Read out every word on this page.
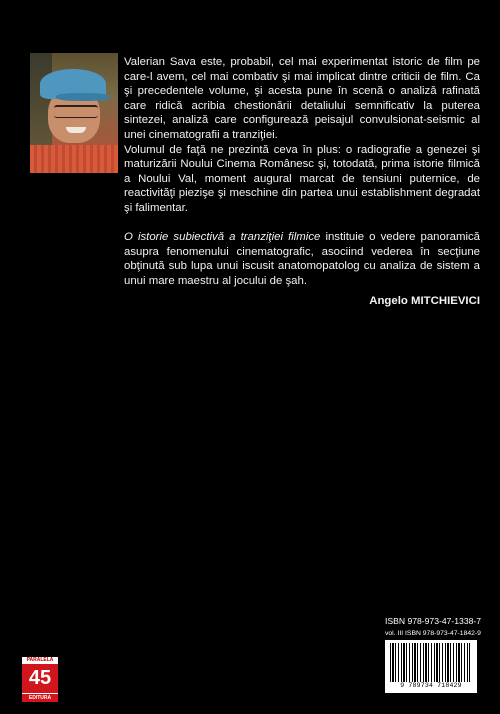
Valerian Sava este, probabil, cel mai experimentat istoric de film pe care-l avem, cel mai combativ şi mai implicat dintre criticii de film. Ca şi precedentele volume, şi acesta pune în scenă o analiză rafinată care ridică acribia chestionării detaliului semnificativ la puterea sintezei, analiză care configurează peisajul convulsionat-seismic al unei cinematografii a tranziţiei.

Volumul de faţă ne prezintă ceva în plus: o radiografie a genezei şi maturizării Noului Cinema Românesc şi, totodată, prima istorie filmică a Noului Val, moment augural marcat de tensiuni puternice, de reactivităţi piezişe şi meschine din partea unui establishment degradat şi falimentar.

O istorie subiectivă a tranziţiei filmice instituie o vedere panoramică asupra fenomenului cinematografic, asociind vederea în secţiune obţinută sub lupa unui iscusit anatomopatolog cu analiza de sistem a unui mare maestru al jocului de şah.

Angelo MITCHIEVICI
ISBN 978-973-47-1338-7
vol. III ISBN 978-973-47-1842-9
9 789734 718429
PARALELA
45
EDITURA
